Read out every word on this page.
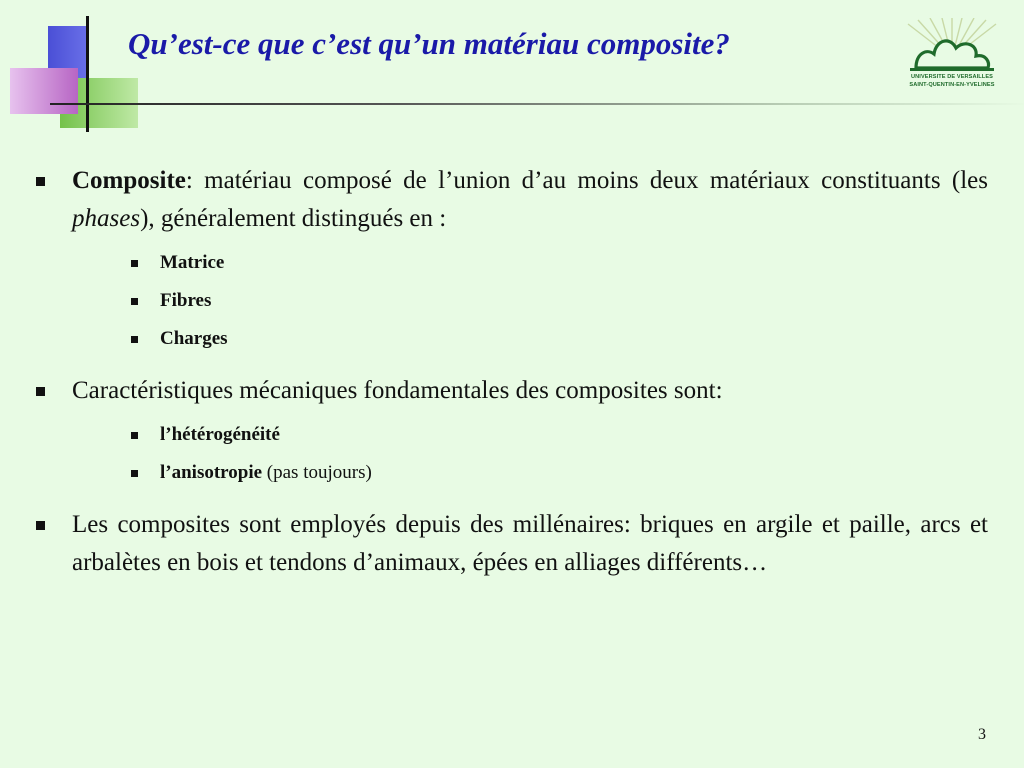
Qu’est-ce que c’est qu’un matériau composite?
UNIVERSITE DE VERSAILLES
SAINT-QUENTIN-EN-YVELINES
Composite: matériau composé de l’union d’au moins deux matériaux constituants (les phases), généralement distingués en :
Matrice
Fibres
Charges
Caractéristiques mécaniques fondamentales des composites sont:
l’hétérogénéité
l’anisotropie (pas toujours)
Les composites sont employés depuis des millénaires: briques en argile et paille, arcs et arbalètes en bois et tendons d’animaux, épées en alliages différents…
3
